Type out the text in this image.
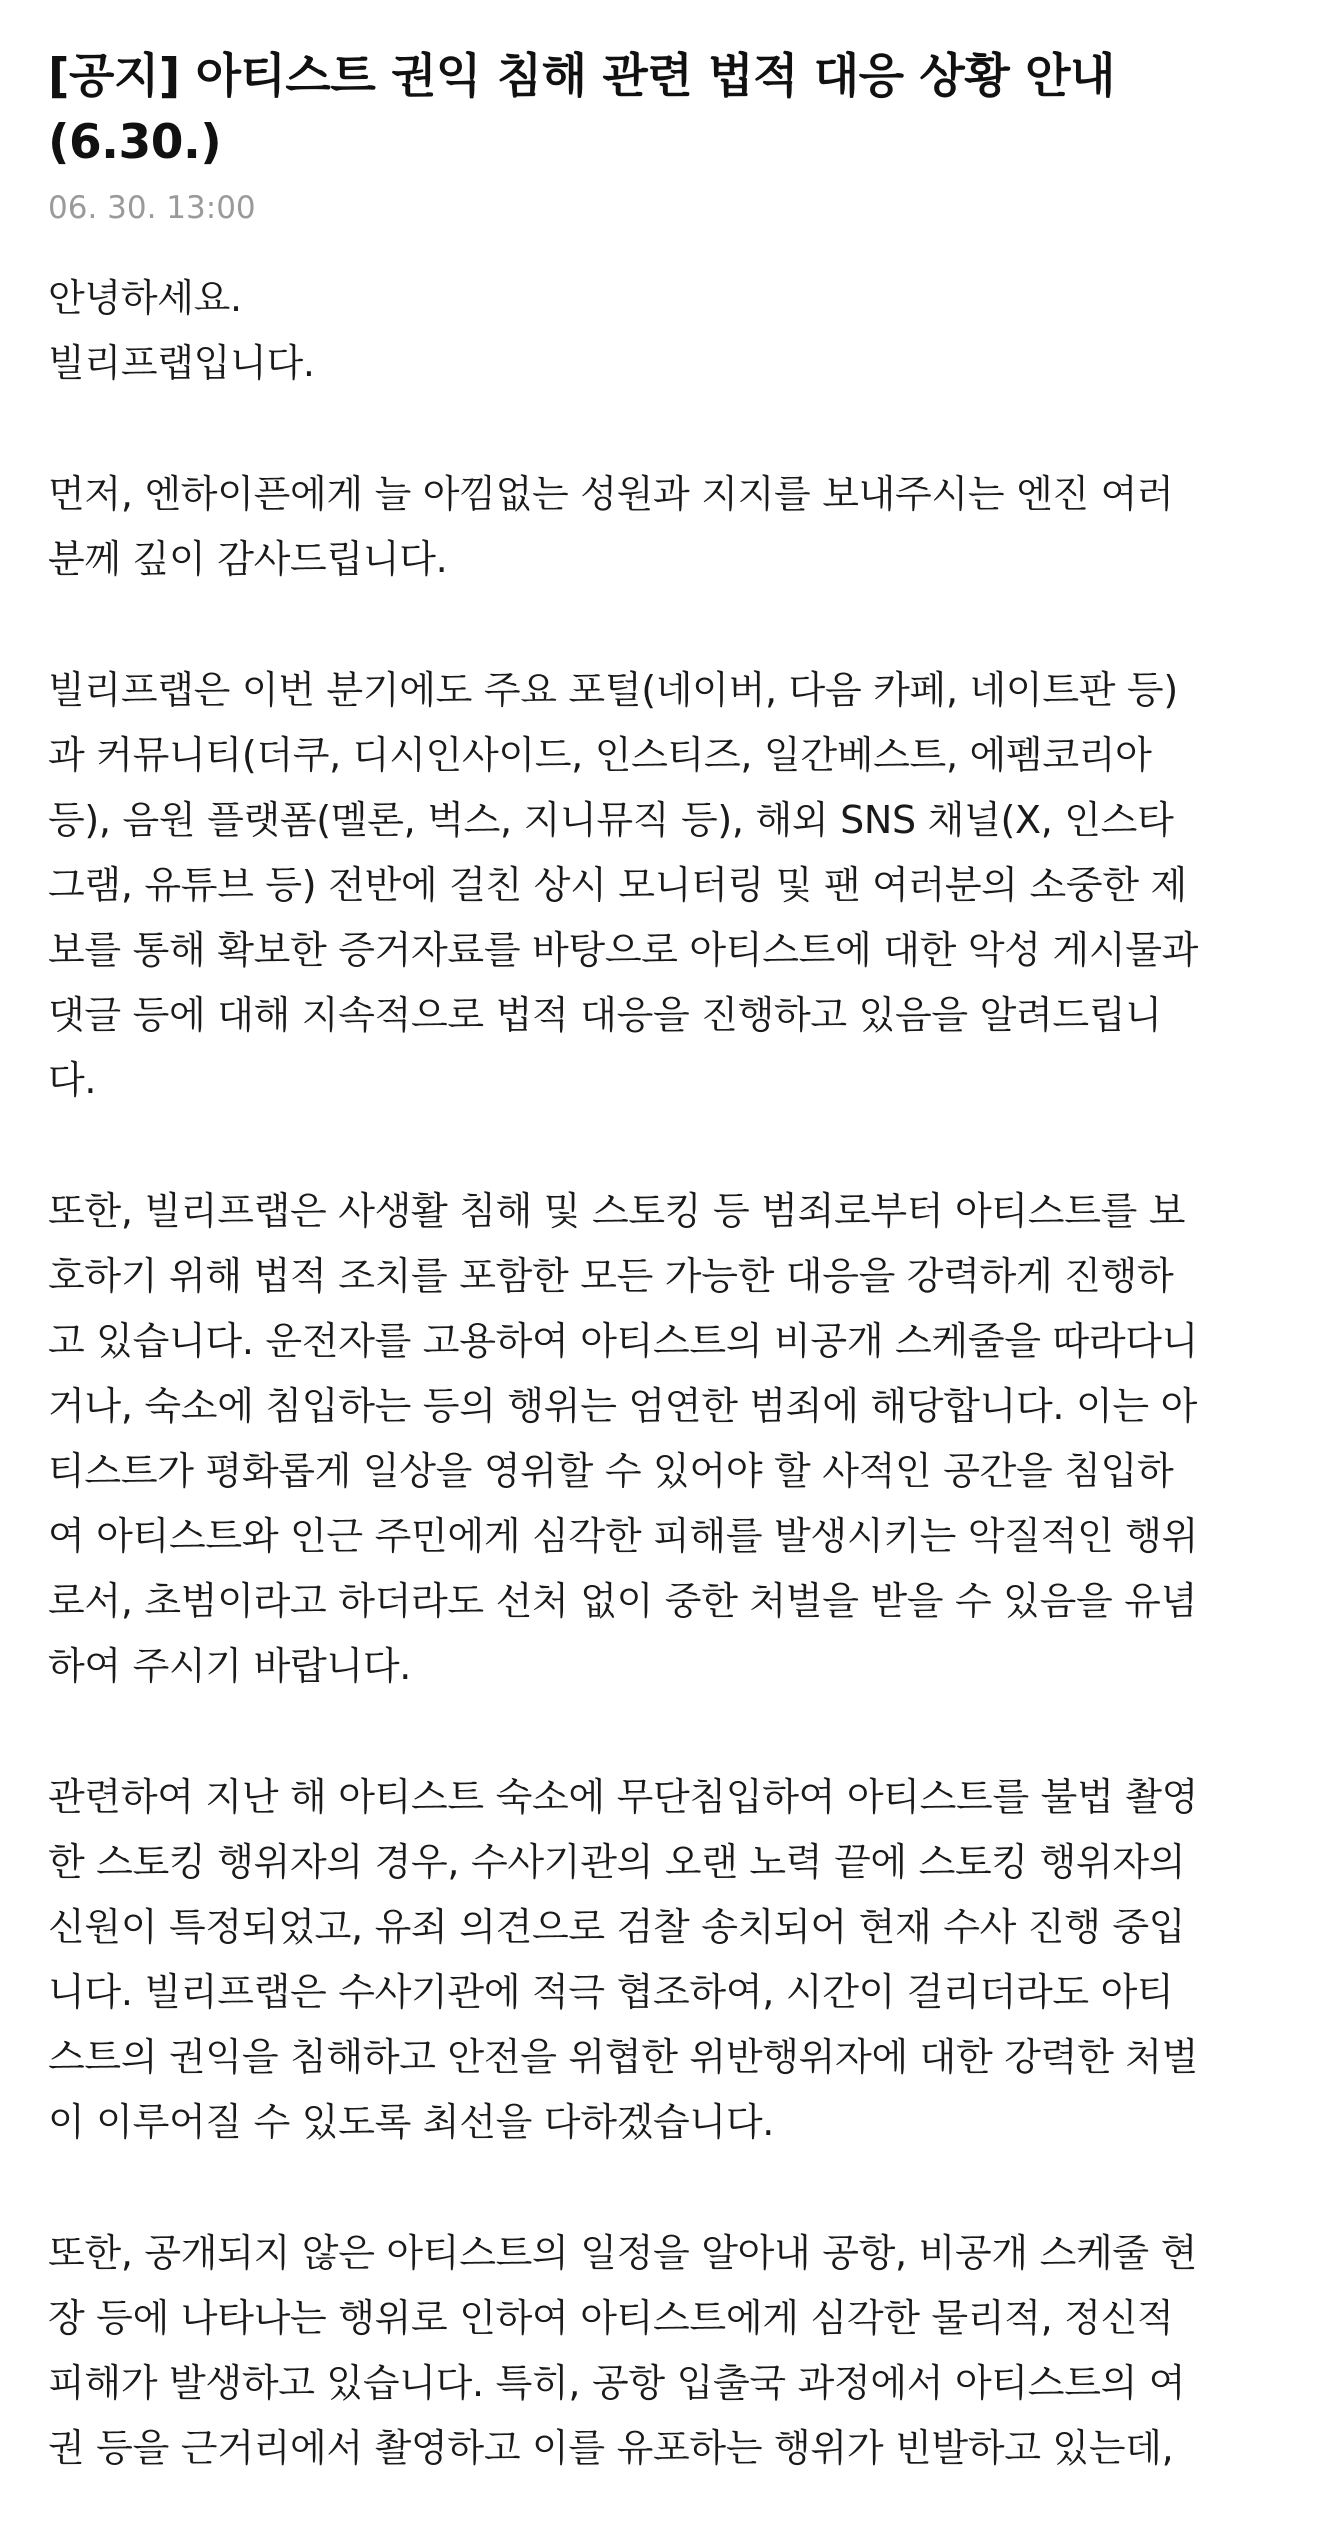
[공지] 아티스트 권익 침해 관련 법적 대응 상황 안내
(6.30.)
06. 30. 13:00

안녕하세요.
빌리프랩입니다.

먼저, 엔하이픈에게 늘 아낌없는 성원과 지지를 보내주시는 엔진 여러
분께 깊이 감사드립니다.

빌리프랩은 이번 분기에도 주요 포털(네이버, 다음 카페, 네이트판 등)
과 커뮤니티(더쿠, 디시인사이드, 인스티즈, 일간베스트, 에펨코리아
등), 음원 플랫폼(멜론, 벅스, 지니뮤직 등), 해외 SNS 채널(X, 인스타
그램, 유튜브 등) 전반에 걸친 상시 모니터링 및 팬 여러분의 소중한 제
보를 통해 확보한 증거자료를 바탕으로 아티스트에 대한 악성 게시물과
댓글 등에 대해 지속적으로 법적 대응을 진행하고 있음을 알려드립니
다.

또한, 빌리프랩은 사생활 침해 및 스토킹 등 범죄로부터 아티스트를 보
호하기 위해 법적 조치를 포함한 모든 가능한 대응을 강력하게 진행하
고 있습니다. 운전자를 고용하여 아티스트의 비공개 스케줄을 따라다니
거나, 숙소에 침입하는 등의 행위는 엄연한 범죄에 해당합니다. 이는 아
티스트가 평화롭게 일상을 영위할 수 있어야 할 사적인 공간을 침입하
여 아티스트와 인근 주민에게 심각한 피해를 발생시키는 악질적인 행위
로서, 초범이라고 하더라도 선처 없이 중한 처벌을 받을 수 있음을 유념
하여 주시기 바랍니다.

관련하여 지난 해 아티스트 숙소에 무단침입하여 아티스트를 불법 촬영
한 스토킹 행위자의 경우, 수사기관의 오랜 노력 끝에 스토킹 행위자의
신원이 특정되었고, 유죄 의견으로 검찰 송치되어 현재 수사 진행 중입
니다. 빌리프랩은 수사기관에 적극 협조하여, 시간이 걸리더라도 아티
스트의 권익을 침해하고 안전을 위협한 위반행위자에 대한 강력한 처벌
이 이루어질 수 있도록 최선을 다하겠습니다.

또한, 공개되지 않은 아티스트의 일정을 알아내 공항, 비공개 스케줄 현
장 등에 나타나는 행위로 인하여 아티스트에게 심각한 물리적, 정신적
피해가 발생하고 있습니다. 특히, 공항 입출국 과정에서 아티스트의 여
권 등을 근거리에서 촬영하고 이를 유포하는 행위가 빈발하고 있는데,
